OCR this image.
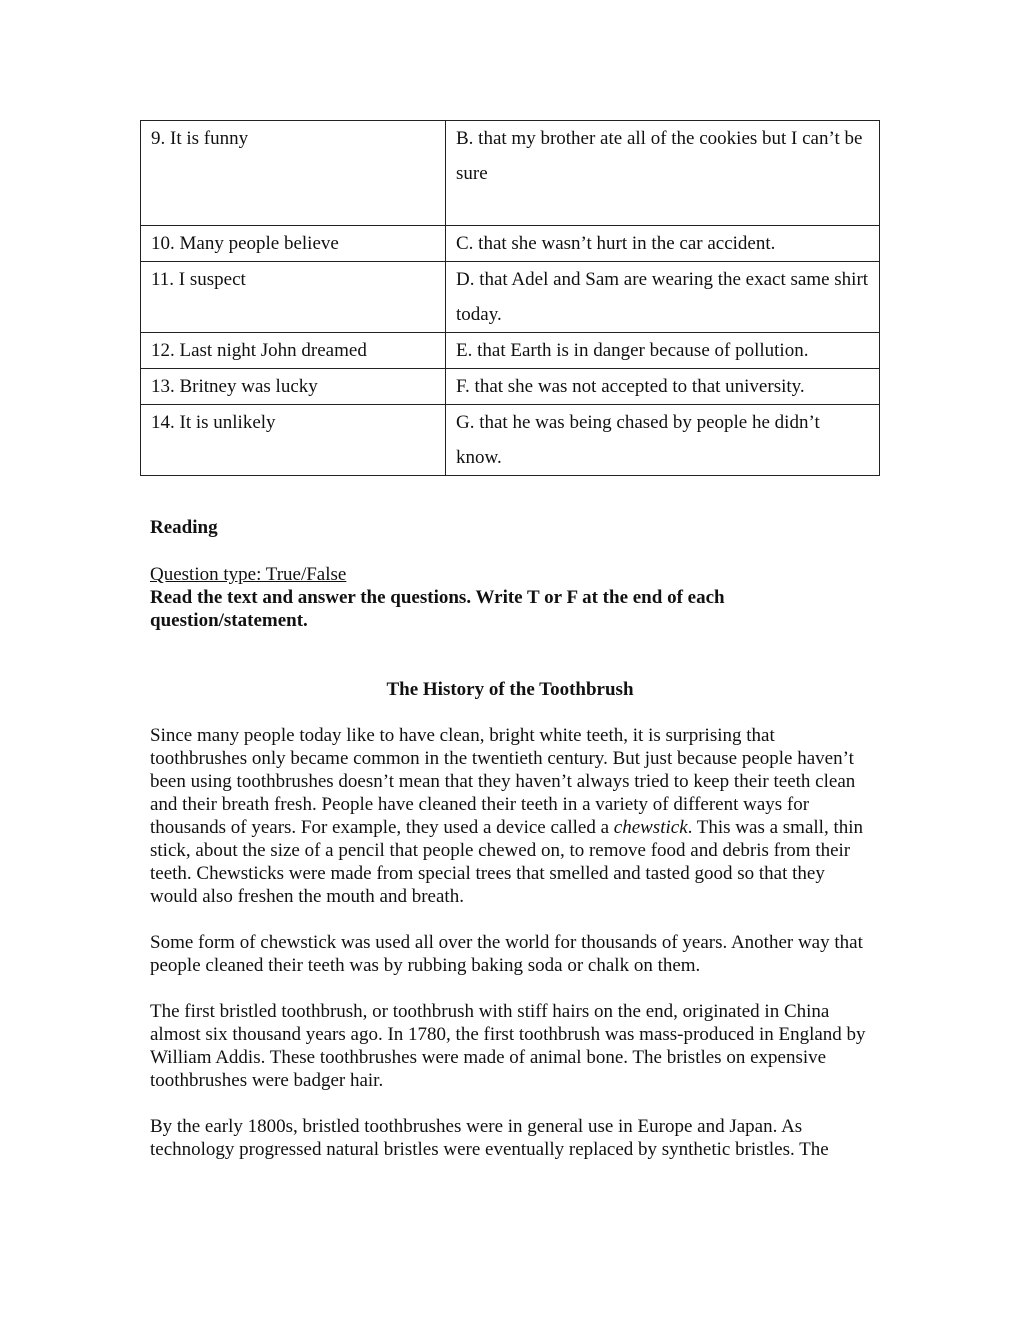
9. It is funny	B. that my brother ate all of the cookies but I can’t be sure
10. Many people believe	C. that she wasn’t hurt in the car accident.
11. I suspect	D. that Adel and Sam are wearing the exact same shirt today.
12. Last night John dreamed	E. that Earth is in danger because of pollution.
13. Britney was lucky	F. that she was not accepted to that university.
14. It is unlikely	G. that he was being chased by people he didn’t know.
Reading
Question type: True/False
Read the text and answer the questions. Write T or F at the end of each question/statement.
The History of the Toothbrush
Since many people today like to have clean, bright white teeth, it is surprising that toothbrushes only became common in the twentieth century. But just because people haven’t been using toothbrushes doesn’t mean that they haven’t always tried to keep their teeth clean and their breath fresh. People have cleaned their teeth in a variety of different ways for thousands of years. For example, they used a device called a chewstick. This was a small, thin stick, about the size of a pencil that people chewed on, to remove food and debris from their teeth. Chewsticks were made from special trees that smelled and tasted good so that they would also freshen the mouth and breath.
Some form of chewstick was used all over the world for thousands of years. Another way that people cleaned their teeth was by rubbing baking soda or chalk on them.
The first bristled toothbrush, or toothbrush with stiff hairs on the end, originated in China almost six thousand years ago. In 1780, the first toothbrush was mass-produced in England by William Addis. These toothbrushes were made of animal bone. The bristles on expensive toothbrushes were badger hair.
By the early 1800s, bristled toothbrushes were in general use in Europe and Japan. As technology progressed natural bristles were eventually replaced by synthetic bristles. The
